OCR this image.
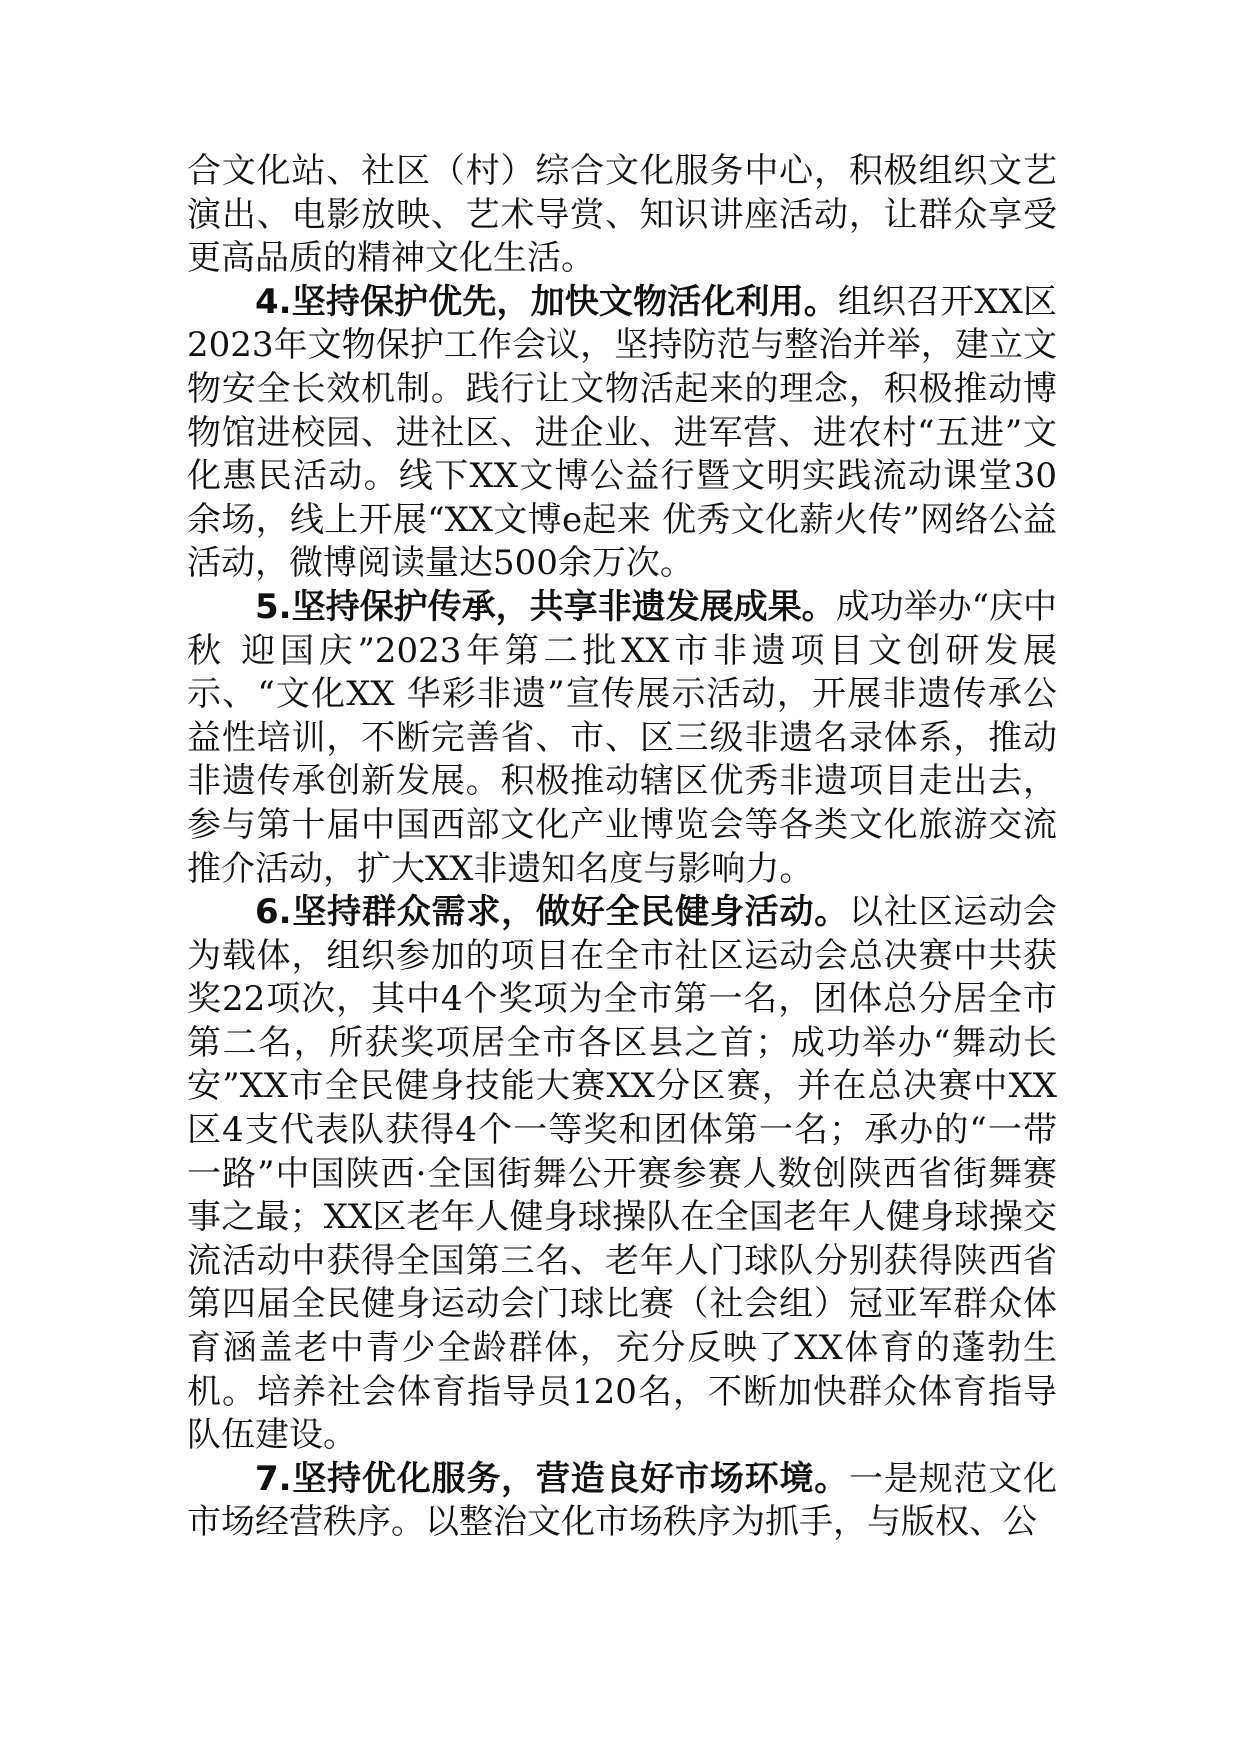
合文化站、社区（村）综合文化服务中心，积极组织文艺演出、电影放映、艺术导赏、知识讲座活动，让群众享受更高品质的精神文化生活。

4.坚持保护优先，加快文物活化利用。组织召开XX区2023年文物保护工作会议，坚持防范与整治并举，建立文物安全长效机制。践行让文物活起来的理念，积极推动博物馆进校园、进社区、进企业、进军营、进农村“五进”文化惠民活动。线下XX文博公益行暨文明实践流动课堂30余场，线上开展“XX文博e起来 优秀文化薪火传”网络公益活动，微博阅读量达500余万次。

5.坚持保护传承，共享非遗发展成果。成功举办“庆中秋 迎国庆”2023年第二批XX市非遗项目文创研发展示、“文化XX 华彩非遗”宣传展示活动，开展非遗传承公益性培训，不断完善省、市、区三级非遗名录体系，推动非遗传承创新发展。积极推动辖区优秀非遗项目走出去，参与第十届中国西部文化产业博览会等各类文化旅游交流推介活动，扩大XX非遗知名度与影响力。

6.坚持群众需求，做好全民健身活动。以社区运动会为载体，组织参加的项目在全市社区运动会总决赛中共获奖22项次，其中4个奖项为全市第一名，团体总分居全市第二名，所获奖项居全市各区县之首；成功举办“舞动长安”XX市全民健身技能大赛XX分区赛，并在总决赛中XX区4支代表队获得4个一等奖和团体第一名；承办的“一带一路”中国陕西·全国街舞公开赛参赛人数创陕西省街舞赛事之最；XX区老年人健身球操队在全国老年人健身球操交流活动中获得全国第三名、老年人门球队分别获得陕西省第四届全民健身运动会门球比赛（社会组）冠亚军群众体育涵盖老中青少全龄群体，充分反映了XX体育的蓬勃生机。培养社会体育指导员120名，不断加快群众体育指导队伍建设。

7.坚持优化服务，营造良好市场环境。一是规范文化市场经营秩序。以整治文化市场秩序为抓手，与版权、公
